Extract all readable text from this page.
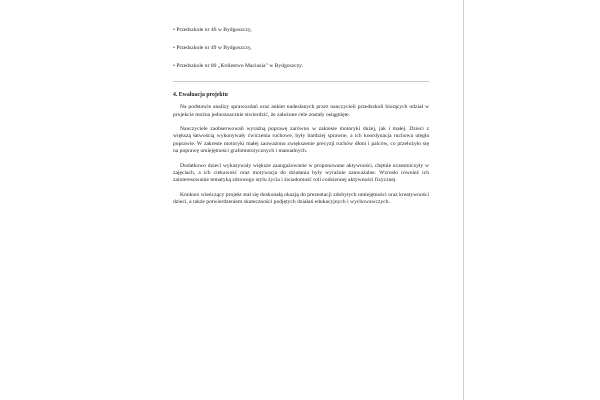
• Przedszkole nr 46 w Bydgoszczy,
• Przedszkole nr 49 w Bydgoszczy,
• Przedszkole nr 80 „Królestwo Maciusia" w Bydgoszczy.
4. Ewaluacja projektu

Na podstawie analizy sprawozdań oraz ankiet nadesłanych przez nauczycieli przedszkoli biorących udział w projekcie można jednoznacznie stwierdzić, że założone cele zostały osiągnięte.

Nauczyciele zaobserwowali wyraźną poprawę zarówno w zakresie motoryki dużej, jak i małej. Dzieci z większą łatwością wykonywały ćwiczenia ruchowe, były bardziej sprawne, a ich koordynacja ruchowa uległa poprawie. W zakresie motoryki małej zauważono zwiększenie precyzji ruchów dłoni i palców, co przełożyło się na poprawę umiejętności grafomotorycznych i manualnych.

Dodatkowo dzieci wykazywały większe zaangażowanie w proponowane aktywności, chętnie uczestniczyły w zajęciach, a ich ciekawość oraz motywacja do działania były wyraźnie zauważalne. Wzrosło również ich zainteresowanie tematyką zdrowego stylu życia i świadomość roli codziennej aktywności fizycznej.

Konkurs wieńczący projekt stał się doskonałą okazją do prezentacji zdobytych umiejętności oraz kreatywności dzieci, a także potwierdzeniem skuteczności podjętych działań edukacyjnych i wychowawczych.
